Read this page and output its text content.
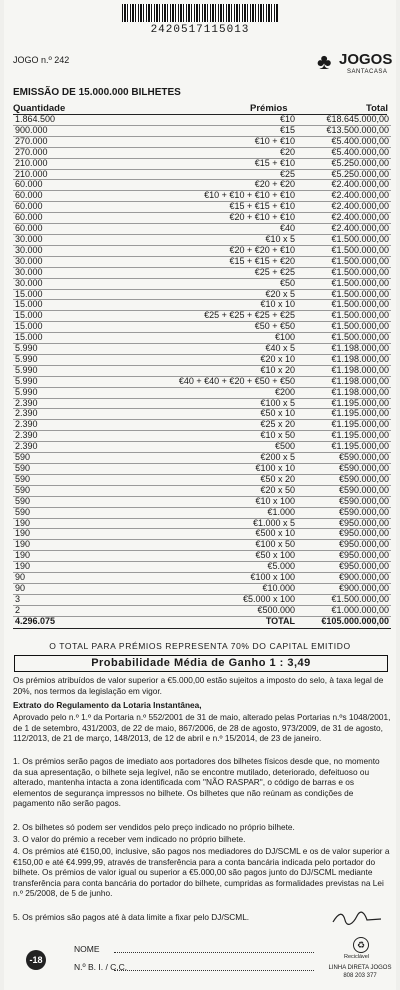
2420517115013
JOGO n.º 242	♣ JOGOS
SANTACASA
EMISSÃO DE 15.000.000 BILHETES
Quantidade	Prémios	Total
1.864.500	€10	€18.645.000,00
900.000	€15	€13.500.000,00
270.000	€10 + €10	€5.400.000,00
270.000	€20	€5.400.000,00
210.000	€15 + €10	€5.250.000,00
210.000	€25	€5.250.000,00
60.000	€20 + €20	€2.400.000,00
60.000	€10 + €10 + €10 + €10	€2.400.000,00
60.000	€15 + €15 + €10	€2.400.000,00
60.000	€20 + €10 + €10	€2.400.000,00
60.000	€40	€2.400.000,00
30.000	€10 x 5	€1.500.000,00
30.000	€20 + €20 + €10	€1.500.000,00
30.000	€15 + €15 + €20	€1.500.000,00
30.000	€25 + €25	€1.500.000,00
30.000	€50	€1.500.000,00
15.000	€20 x 5	€1.500.000,00
15.000	€10 x 10	€1.500.000,00
15.000	€25 + €25 + €25 + €25	€1.500.000,00
15.000	€50 + €50	€1.500.000,00
15.000	€100	€1.500.000,00
5.990	€40 x 5	€1.198.000,00
5.990	€20 x 10	€1.198.000,00
5.990	€10 x 20	€1.198.000,00
5.990	€40 + €40 + €20 + €50 + €50	€1.198.000,00
5.990	€200	€1.198.000,00
2.390	€100 x 5	€1.195.000,00
2.390	€50 x 10	€1.195.000,00
2.390	€25 x 20	€1.195.000,00
2.390	€10 x 50	€1.195.000,00
2.390	€500	€1.195.000,00
590	€200 x 5	€590.000,00
590	€100 x 10	€590.000,00
590	€50 x 20	€590.000,00
590	€20 x 50	€590.000,00
590	€10 x 100	€590.000,00
590	€1.000	€590.000,00
190	€1.000 x 5	€950.000,00
190	€500 x 10	€950.000,00
190	€100 x 50	€950.000,00
190	€50 x 100	€950.000,00
190	€5.000	€950.000,00
90	€100 x 100	€900.000,00
90	€10.000	€900.000,00
3	€5.000 x 100	€1.500.000,00
2	€500.000	€1.000.000,00
4.296.075	TOTAL	€105.000.000,00
O TOTAL PARA PRÉMIOS REPRESENTA 70% DO CAPITAL EMITIDO
Probabilidade Média de Ganho 1 : 3,49
Os prémios atribuídos de valor superior a €5.000,00 estão sujeitos a imposto do selo, à taxa legal de 20%, nos termos da legislação em vigor.
Extrato do Regulamento da Lotaria Instantânea,
Aprovado pelo n.º 1.º da Portaria n.º 552/2001 de 31 de maio, alterado pelas Portarias n.ºs 1048/2001, de 1 de setembro, 431/2003, de 22 de maio, 867/2006, de 28 de agosto, 973/2009, de 31 de agosto, 112/2013, de 21 de março, 148/2013, de 12 de abril e n.º 15/2014, de 23 de janeiro.
1. Os prémios serão pagos de imediato aos portadores dos bilhetes físicos desde que, no momento da sua apresentação, o bilhete seja legível, não se encontre mutilado, deteriorado, defeituoso ou alterado, mantenha intacta a zona identificada com "NÃO RASPAR", o código de barras e os elementos de segurança impressos no bilhete. Os bilhetes que não reúnam as condições de pagamento não serão pagos.
2. Os bilhetes só podem ser vendidos pelo preço indicado no próprio bilhete.
3. O valor do prémio a receber vem indicado no próprio bilhete.
4. Os prémios até €150,00, inclusive, são pagos nos mediadores do DJ/SCML e os de valor superior a €150,00 e até €4.999,99, através de transferência para a conta bancária indicada pelo portador do bilhete. Os prémios de valor igual ou superior a €5.000,00 são pagos junto do DJ/SCML mediante transferência para conta bancária do portador do bilhete, cumpridas as formalidades previstas na Lei n.º 25/2008, de 5 de junho.
5. Os prémios são pagos até à data limite a fixar pelo DJ/SCML.
-18
NOME
N.º B. I. / C.C.
♻
Reciclável
LINHA DIRETA JOGOS
808 203 377
